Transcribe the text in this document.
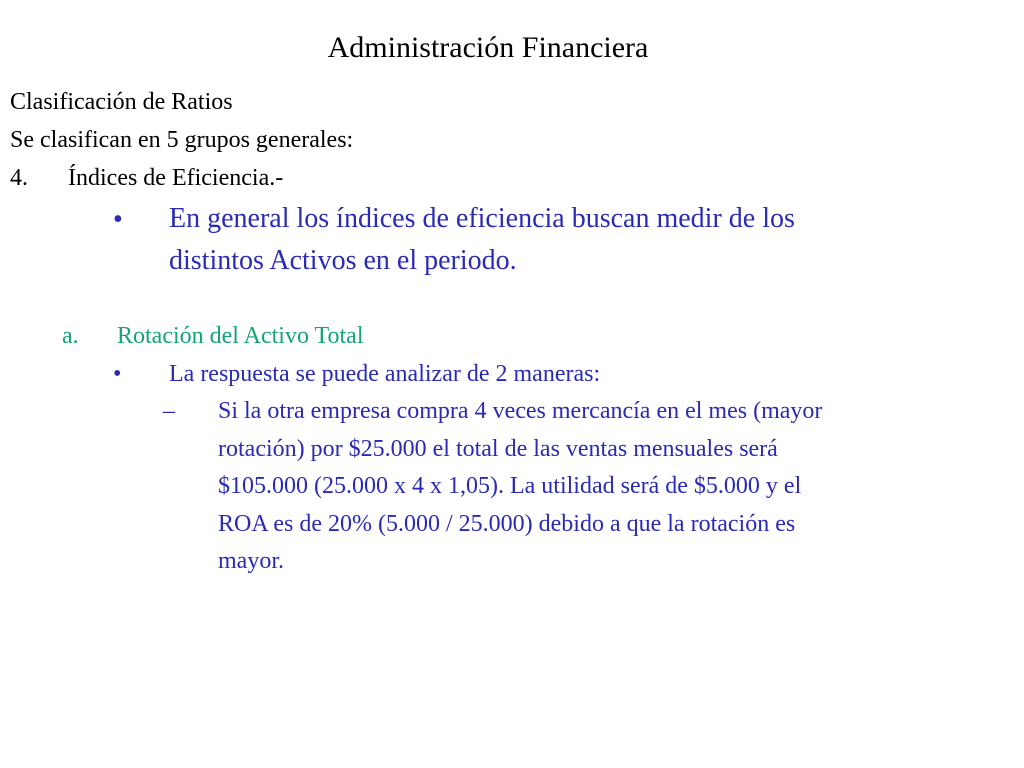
Administración Financiera
Clasificación de Ratios
Se clasifican en 5 grupos generales:
4. Índices de Eficiencia.-
• En general los índices de eficiencia buscan medir de los
distintos Activos en el periodo.
a. Rotación del Activo Total
• La respuesta se puede analizar de 2 maneras:
– Si la otra empresa compra 4 veces mercancía en el mes (mayor
rotación) por $25.000 el total de las ventas mensuales será
$105.000 (25.000 x 4 x 1,05). La utilidad será de $5.000 y el
ROA es de 20% (5.000 / 25.000) debido a que la rotación es
mayor.
